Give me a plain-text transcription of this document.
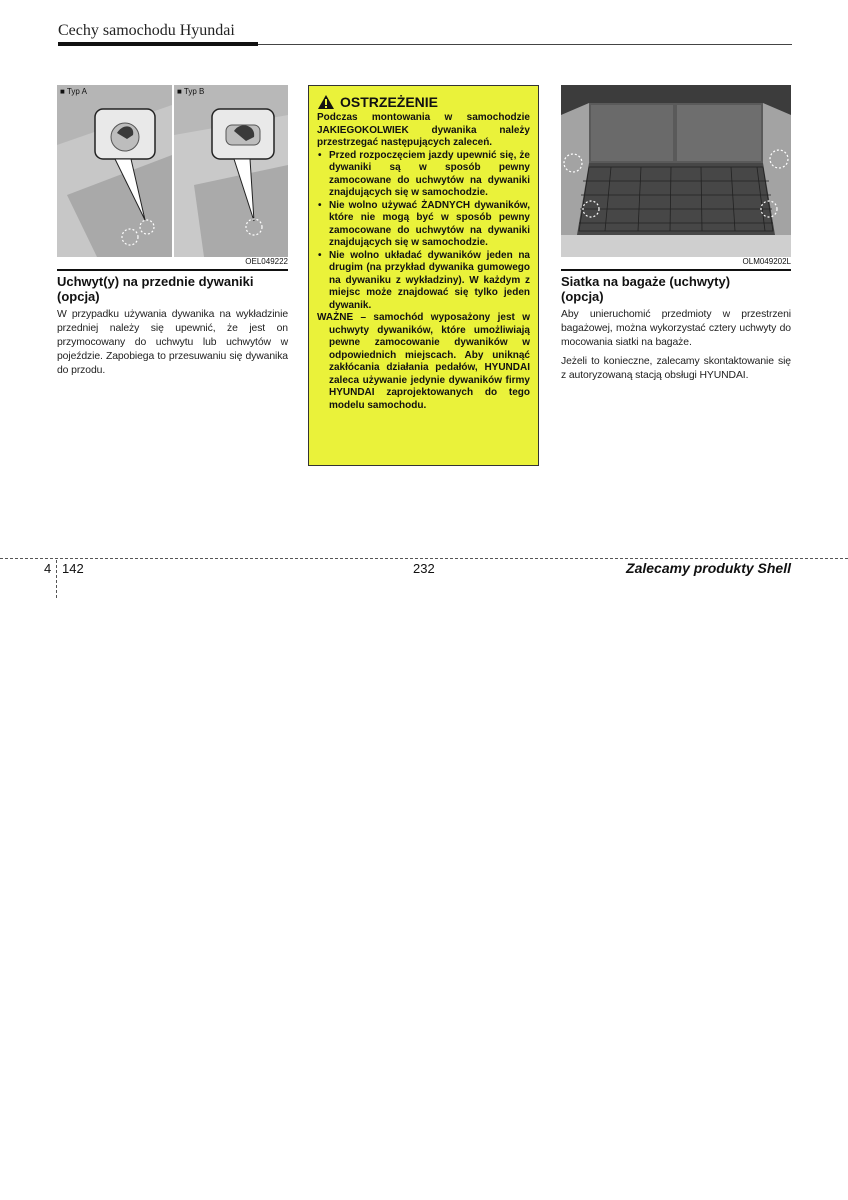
Cechy samochodu Hyundai
■ Typ A	■ Typ B
OEL049222
Uchwyt(y) na przednie dywaniki
(opcja)

W przypadku używania dywanika na wykładzinie przedniej należy się upewnić, że jest on przymocowany do uchwytu lub uchwytów w pojeździe. Zapobiega to przesuwaniu się dywanika do przodu.

OSTRZEŻENIE

Podczas montowania w samochodzie JAKIEGOKOLWIEK dywanika należy przestrzegać następujących zaleceń.

• Przed rozpoczęciem jazdy upewnić się, że dywaniki są w sposób pewny zamocowane do uchwytów na dywaniki znajdujących się w samochodzie.
• Nie wolno używać ŻADNYCH dywaników, które nie mogą być w sposób pewny zamocowane do uchwytów na dywaniki znajdujących się w samochodzie.
• Nie wolno układać dywaników jeden na drugim (na przykład dywanika gumowego na dywaniku z wykładziny). W każdym z miejsc może znajdować się tylko jeden dywanik.

WAŻNE – samochód wyposażony jest w uchwyty dywaników, które umożliwiają pewne zamocowanie dywaników w odpowiednich miejscach. Aby uniknąć zakłócania działania pedałów, HYUNDAI zaleca używanie jedynie dywaników firmy HYUNDAI zaprojektowanych do tego modelu samochodu.

OLM049202L
Siatka na bagaże (uchwyty)
(opcja)

Aby unieruchomić przedmioty w przestrzeni bagażowej, można wykorzystać cztery uchwyty do mocowania siatki na bagaże.

Jeżeli to konieczne, zalecamy skontaktowanie się z autoryzowaną stacją obsługi HYUNDAI.

4 142	232	Zalecamy produkty Shell
